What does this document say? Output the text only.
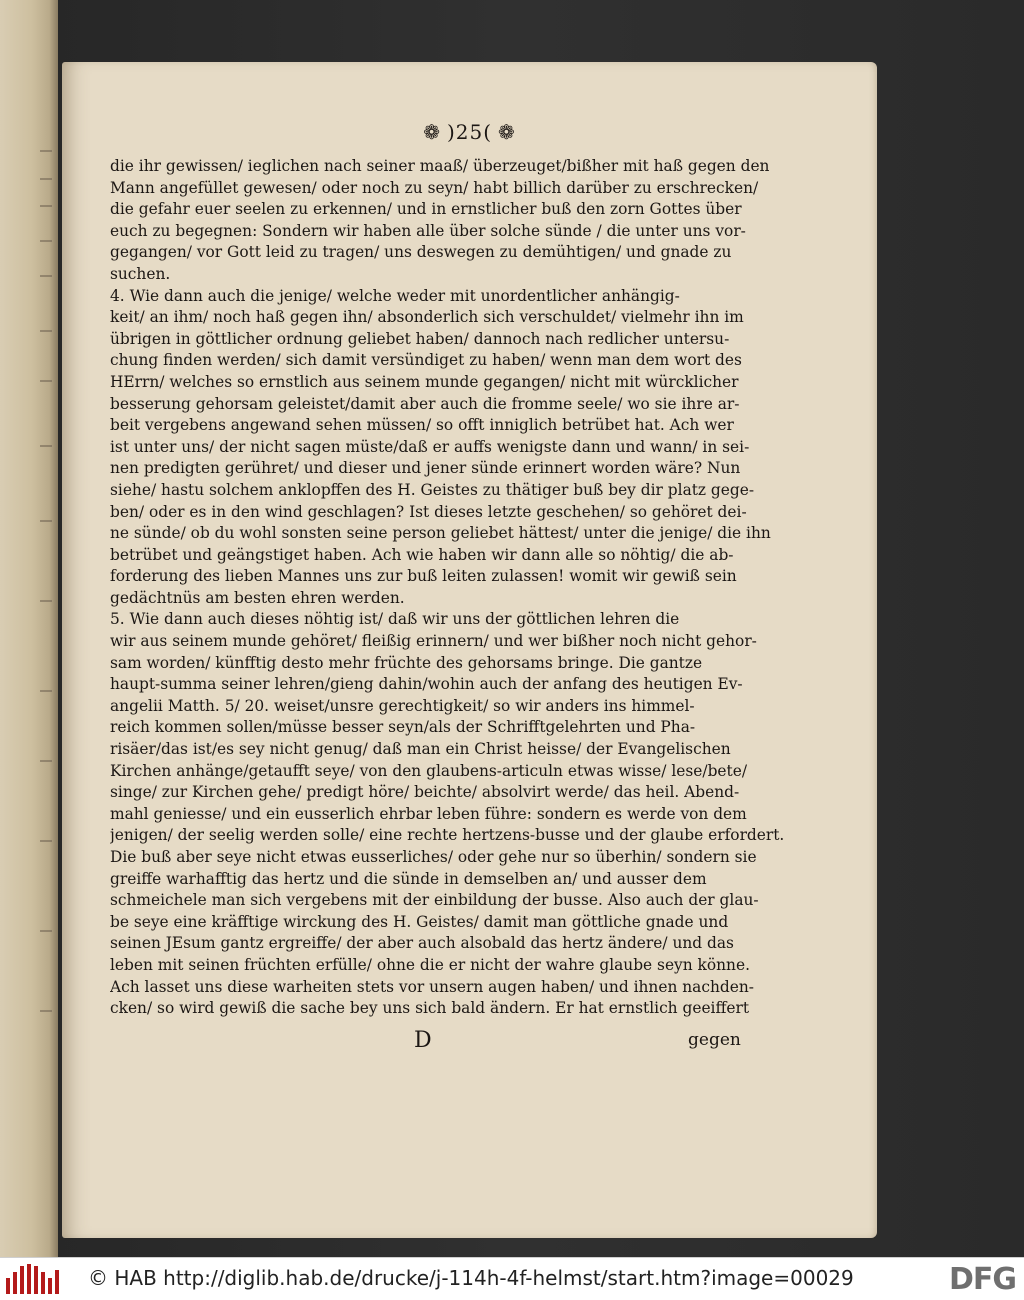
❁ )25( ❁
die ihr gewissen/ ieglichen nach seiner maaß/ überzeuget/bißher mit haß gegen den
Mann angefüllet gewesen/ oder noch zu seyn/ habt billich darüber zu erschrecken/
die gefahr euer seelen zu erkennen/ und in ernstlicher buß den zorn Gottes über
euch zu begegnen: Sondern wir haben alle über solche sünde / die unter uns vor-
gegangen/ vor Gott leid zu tragen/ uns deswegen zu demühtigen/ und gnade zu
suchen.
4. Wie dann auch die jenige/ welche weder mit unordentlicher anhängig-
keit/ an ihm/ noch haß gegen ihn/ absonderlich sich verschuldet/ vielmehr ihn im
übrigen in göttlicher ordnung geliebet haben/ dannoch nach redlicher untersu-
chung finden werden/ sich damit versündiget zu haben/ wenn man dem wort des
HErrn/ welches so ernstlich aus seinem munde gegangen/ nicht mit würcklicher
besserung gehorsam geleistet/damit aber auch die fromme seele/ wo sie ihre ar-
beit vergebens angewand sehen müssen/ so offt inniglich betrübet hat. Ach wer
ist unter uns/ der nicht sagen müste/daß er auffs wenigste dann und wann/ in sei-
nen predigten gerühret/ und dieser und jener sünde erinnert worden wäre? Nun
siehe/ hastu solchem anklopffen des H. Geistes zu thätiger buß bey dir platz gege-
ben/ oder es in den wind geschlagen? Ist dieses letzte geschehen/ so gehöret dei-
ne sünde/ ob du wohl sonsten seine person geliebet hättest/ unter die jenige/ die ihn
betrübet und geängstiget haben. Ach wie haben wir dann alle so nöhtig/ die ab-
forderung des lieben Mannes uns zur buß leiten zulassen! womit wir gewiß sein
gedächtnüs am besten ehren werden.
5. Wie dann auch dieses nöhtig ist/ daß wir uns der göttlichen lehren die
wir aus seinem munde gehöret/ fleißig erinnern/ und wer bißher noch nicht gehor-
sam worden/ künfftig desto mehr früchte des gehorsams bringe. Die gantze
haupt-summa seiner lehren/gieng dahin/wohin auch der anfang des heutigen Ev-
angelii Matth. 5/ 20. weiset/unsre gerechtigkeit/ so wir anders ins himmel-
reich kommen sollen/müsse besser seyn/als der Schrifftgelehrten und Pha-
risäer/das ist/es sey nicht genug/ daß man ein Christ heisse/ der Evangelischen
Kirchen anhänge/getaufft seye/ von den glaubens-articuln etwas wisse/ lese/bete/
singe/ zur Kirchen gehe/ predigt höre/ beichte/ absolvirt werde/ das heil. Abend-
mahl geniesse/ und ein eusserlich ehrbar leben führe: sondern es werde von dem
jenigen/ der seelig werden solle/ eine rechte hertzens-busse und der glaube erfordert.
Die buß aber seye nicht etwas eusserliches/ oder gehe nur so überhin/ sondern sie
greiffe warhafftig das hertz und die sünde in demselben an/ und ausser dem
schmeichele man sich vergebens mit der einbildung der busse. Also auch der glau-
be seye eine kräfftige wirckung des H. Geistes/ damit man göttliche gnade und
seinen JEsum gantz ergreiffe/ der aber auch alsobald das hertz ändere/ und das
leben mit seinen früchten erfülle/ ohne die er nicht der wahre glaube seyn könne.
Ach lasset uns diese warheiten stets vor unsern augen haben/ und ihnen nachden-
cken/ so wird gewiß die sache bey uns sich bald ändern. Er hat ernstlich geeiffert
D	gegen
© HAB http://diglib.hab.de/drucke/j-114h-4f-helmst/start.htm?image=00029	DFG
